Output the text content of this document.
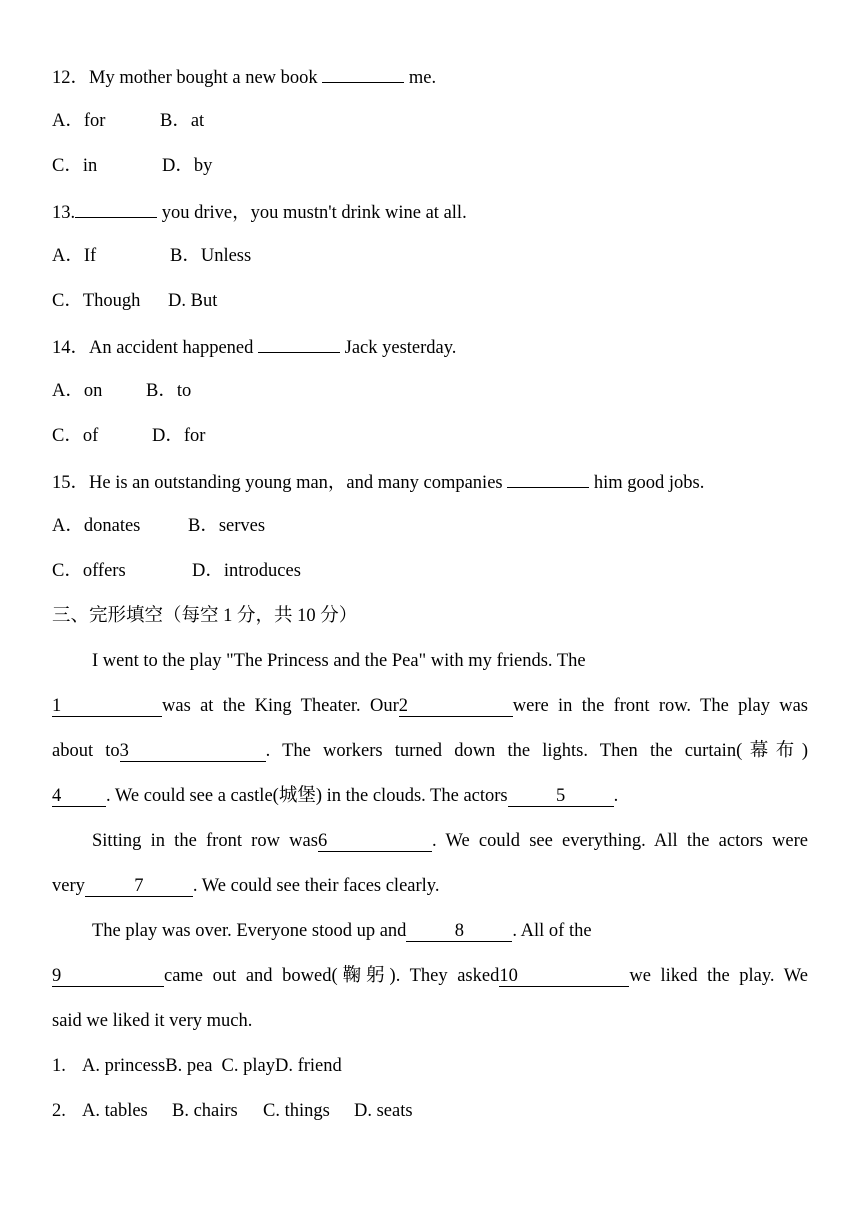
12．My mother bought a new book	me.
A．for	B．at
C．in	D．by
13.	you drive，you mustn't drink wine at all.
A．If	B．Unless
C．Though D. But
14．An accident happened	Jack yesterday.
A．on B．to
C．of	D．for
15．He is an outstanding young man，and many companies	him good jobs.
A．donates	B．serves
C．offers	D．introduces
三、完形填空（每空 1 分，共 10 分）
I went to the play "The Princess and the Pea" with my friends. The
1	was at the King Theater. Our2	were in the front row. The play was
about to3	. The workers turned down the lights. Then the curtain(幕布)
4 . We could see a castle(城堡) in the clouds. The actors	5	.
Sitting in the front row was6	. We could see everything. All the actors were
very	7	. We could see their faces clearly.
The play was over. Everyone stood up and	8	. All of the
9	came out and bowed(鞠躬). They asked10	we liked the play. We
said we liked it very much.
1. A. princessB. pea C. playD. friend
2. A. tables B. chairs C. things D. seats
